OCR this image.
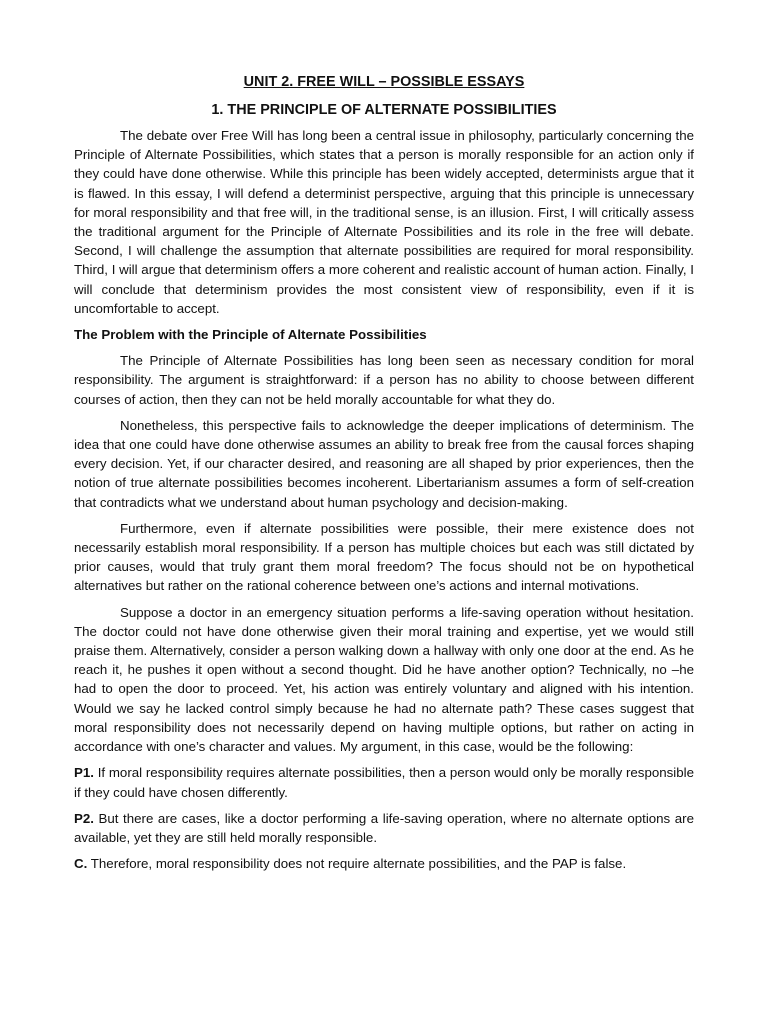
UNIT 2. FREE WILL – POSSIBLE ESSAYS
1. THE PRINCIPLE OF ALTERNATE POSSIBILITIES

The debate over Free Will has long been a central issue in philosophy, particularly concerning the Principle of Alternate Possibilities, which states that a person is morally responsible for an action only if they could have done otherwise. While this principle has been widely accepted, determinists argue that it is flawed. In this essay, I will defend a determinist perspective, arguing that this principle is unnecessary for moral responsibility and that free will, in the traditional sense, is an illusion. First, I will critically assess the traditional argument for the Principle of Alternate Possibilities and its role in the free will debate. Second, I will challenge the assumption that alternate possibilities are required for moral responsibility. Third, I will argue that determinism offers a more coherent and realistic account of human action. Finally, I will conclude that determinism provides the most consistent view of responsibility, even if it is uncomfortable to accept.

The Problem with the Principle of Alternate Possibilities

The Principle of Alternate Possibilities has long been seen as necessary condition for moral responsibility. The argument is straightforward: if a person has no ability to choose between different courses of action, then they can not be held morally accountable for what they do.

Nonetheless, this perspective fails to acknowledge the deeper implications of determinism. The idea that one could have done otherwise assumes an ability to break free from the causal forces shaping every decision. Yet, if our character desired, and reasoning are all shaped by prior experiences, then the notion of true alternate possibilities becomes incoherent. Libertarianism assumes a form of self-creation that contradicts what we understand about human psychology and decision-making.

Furthermore, even if alternate possibilities were possible, their mere existence does not necessarily establish moral responsibility. If a person has multiple choices but each was still dictated by prior causes, would that truly grant them moral freedom? The focus should not be on hypothetical alternatives but rather on the rational coherence between one’s actions and internal motivations.

Suppose a doctor in an emergency situation performs a life-saving operation without hesitation. The doctor could not have done otherwise given their moral training and expertise, yet we would still praise them. Alternatively, consider a person walking down a hallway with only one door at the end. As he reach it, he pushes it open without a second thought. Did he have another option? Technically, no –he had to open the door to proceed. Yet, his action was entirely voluntary and aligned with his intention. Would we say he lacked control simply because he had no alternate path? These cases suggest that moral responsibility does not necessarily depend on having multiple options, but rather on acting in accordance with one’s character and values. My argument, in this case, would be the following:

P1. If moral responsibility requires alternate possibilities, then a person would only be morally responsible if they could have chosen differently.

P2. But there are cases, like a doctor performing a life-saving operation, where no alternate options are available, yet they are still held morally responsible.

C. Therefore, moral responsibility does not require alternate possibilities, and the PAP is false.
